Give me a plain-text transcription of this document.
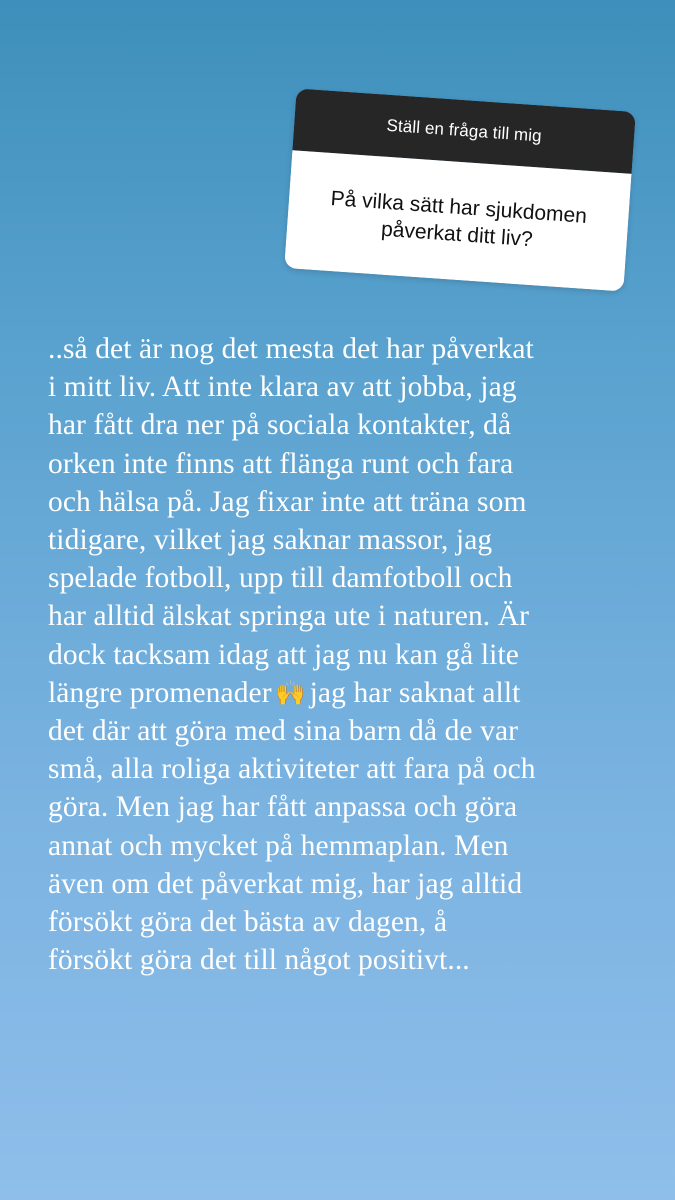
Ställ en fråga till mig
På vilka sätt har sjukdomen påverkat ditt liv?
..så det är nog det mesta det har påverkat
i mitt liv. Att inte klara av att jobba, jag
har fått dra ner på sociala kontakter, då
orken inte finns att flänga runt och fara
och hälsa på. Jag fixar inte att träna som
tidigare, vilket jag saknar massor, jag
spelade fotboll, upp till damfotboll och
har alltid älskat springa ute i naturen. Är
dock tacksam idag att jag nu kan gå lite
längre promenader 🙌 jag har saknat allt
det där att göra med sina barn då de var
små, alla roliga aktiviteter att fara på och
göra. Men jag har fått anpassa och göra
annat och mycket på hemmaplan. Men
även om det påverkat mig, har jag alltid
försökt göra det bästa av dagen, å
försökt göra det till något positivt...
